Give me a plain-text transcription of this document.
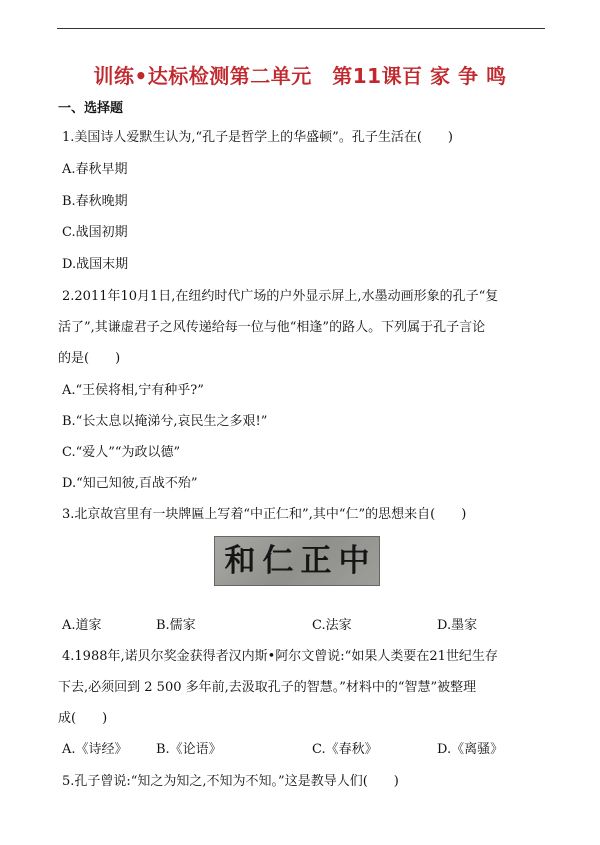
训练•达标检测第二单元　第11课百 家 争 鸣
一、选择题
1.美国诗人爱默生认为,“孔子是哲学上的华盛顿”。孔子生活在(　　)
A.春秋早期
B.春秋晚期
C.战国初期
D.战国末期
2.2011年10月1日,在纽约时代广场的户外显示屏上,水墨动画形象的孔子“复
活了”,其谦虚君子之风传递给每一位与他“相逢”的路人。下列属于孔子言论
的是(　　)
A.“王侯将相,宁有种乎?”
B.“长太息以掩涕兮,哀民生之多艰!”
C.“爱人”“为政以德”
D.“知己知彼,百战不殆”
3.北京故宫里有一块牌匾上写着“中正仁和”,其中“仁”的思想来自(　　)
和 仁 正 中
A.道家	B.儒家	C.法家	D.墨家
4.1988年,诺贝尔奖金获得者汉内斯•阿尔文曾说:“如果人类要在21世纪生存
下去,必须回到 2 500 多年前,去汲取孔子的智慧。”材料中的“智慧”被整理
成(　　)
A.《诗经》 B.《论语》	C.《春秋》	D.《离骚》
5.孔子曾说:“知之为知之,不知为不知。”这是教导人们(　　)
